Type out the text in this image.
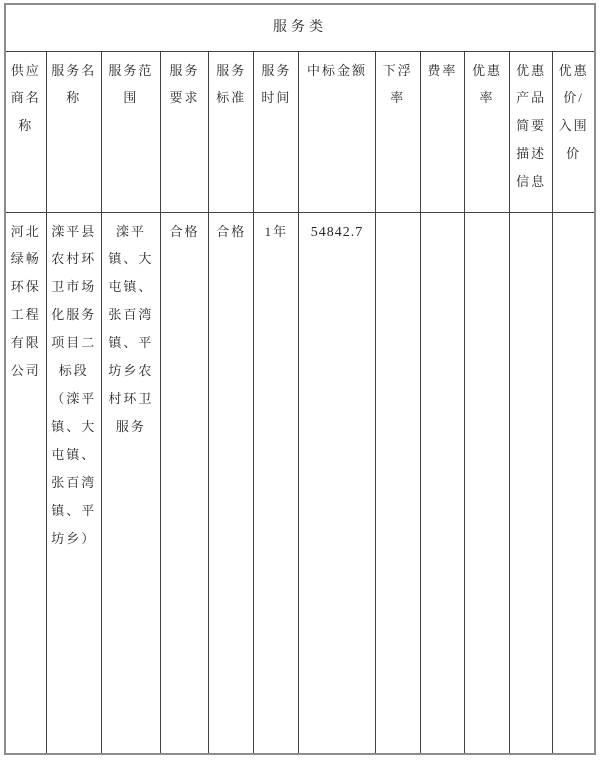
服务类											
供应商名称	服务名称	服务范围	服务要求	服务标准	服务时间	中标金额	下浮率	费率	优惠率	优惠产品简要描述信息	优惠价/入围价
河北绿畅环保工程有限公司	滦平县农村环卫市场化服务项目二标段（滦平镇、大屯镇、张百湾镇、平坊乡）	滦平镇、大屯镇、张百湾镇、平坊乡农村环卫服务	合格	合格	1年	54842.7					
